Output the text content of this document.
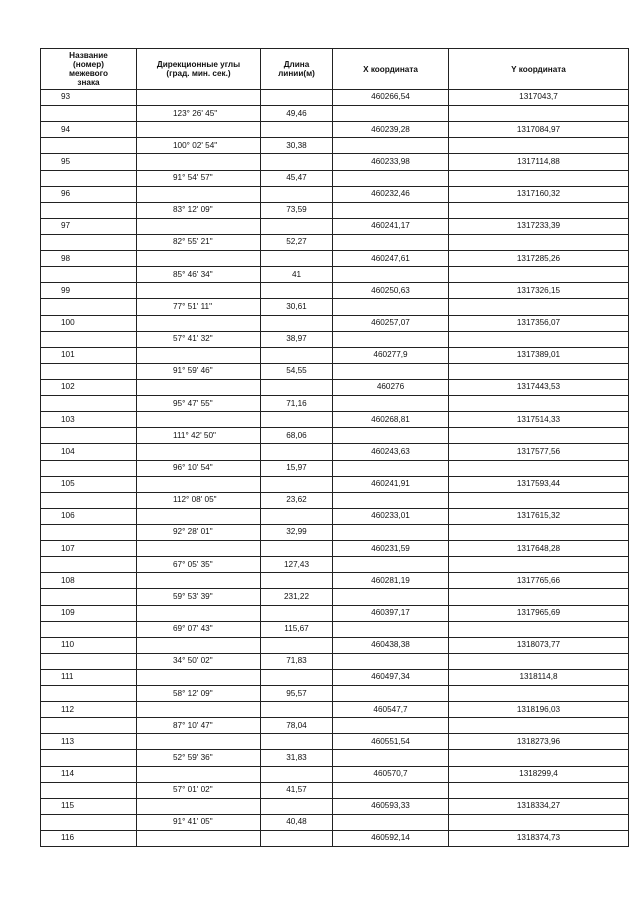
Название
(номер)
межевого
знака	Дирекционные углы
(град. мин. сек.)	Длина
линии(м)	X координата	Y координата

93			460266,54	1317043,7
	123° 26' 45"	49,46		
94			460239,28	1317084,97
	100° 02' 54"	30,38		
95			460233,98	1317114,88
	91° 54' 57"	45,47		
96			460232,46	1317160,32
	83° 12' 09"	73,59		
97			460241,17	1317233,39
	82° 55' 21"	52,27		
98			460247,61	1317285,26
	85° 46' 34"	41		
99			460250,63	1317326,15
	77° 51' 11"	30,61		
100			460257,07	1317356,07
	57° 41' 32"	38,97		
101			460277,9	1317389,01
	91° 59' 46"	54,55		
102			460276	1317443,53
	95° 47' 55"	71,16		
103			460268,81	1317514,33
	111° 42' 50"	68,06		
104			460243,63	1317577,56
	96° 10' 54"	15,97		
105			460241,91	1317593,44
	112° 08' 05"	23,62		
106			460233,01	1317615,32
	92° 28' 01"	32,99		
107			460231,59	1317648,28
	67° 05' 35"	127,43		
108			460281,19	1317765,66
	59° 53' 39"	231,22		
109			460397,17	1317965,69
	69° 07' 43"	115,67		
110			460438,38	1318073,77
	34° 50' 02"	71,83		
111			460497,34	1318114,8
	58° 12' 09"	95,57		
112			460547,7	1318196,03
	87° 10' 47"	78,04		
113			460551,54	1318273,96
	52° 59' 36"	31,83		
114			460570,7	1318299,4
	57° 01' 02"	41,57		
115			460593,33	1318334,27
	91° 41' 05"	40,48		
116			460592,14	1318374,73
